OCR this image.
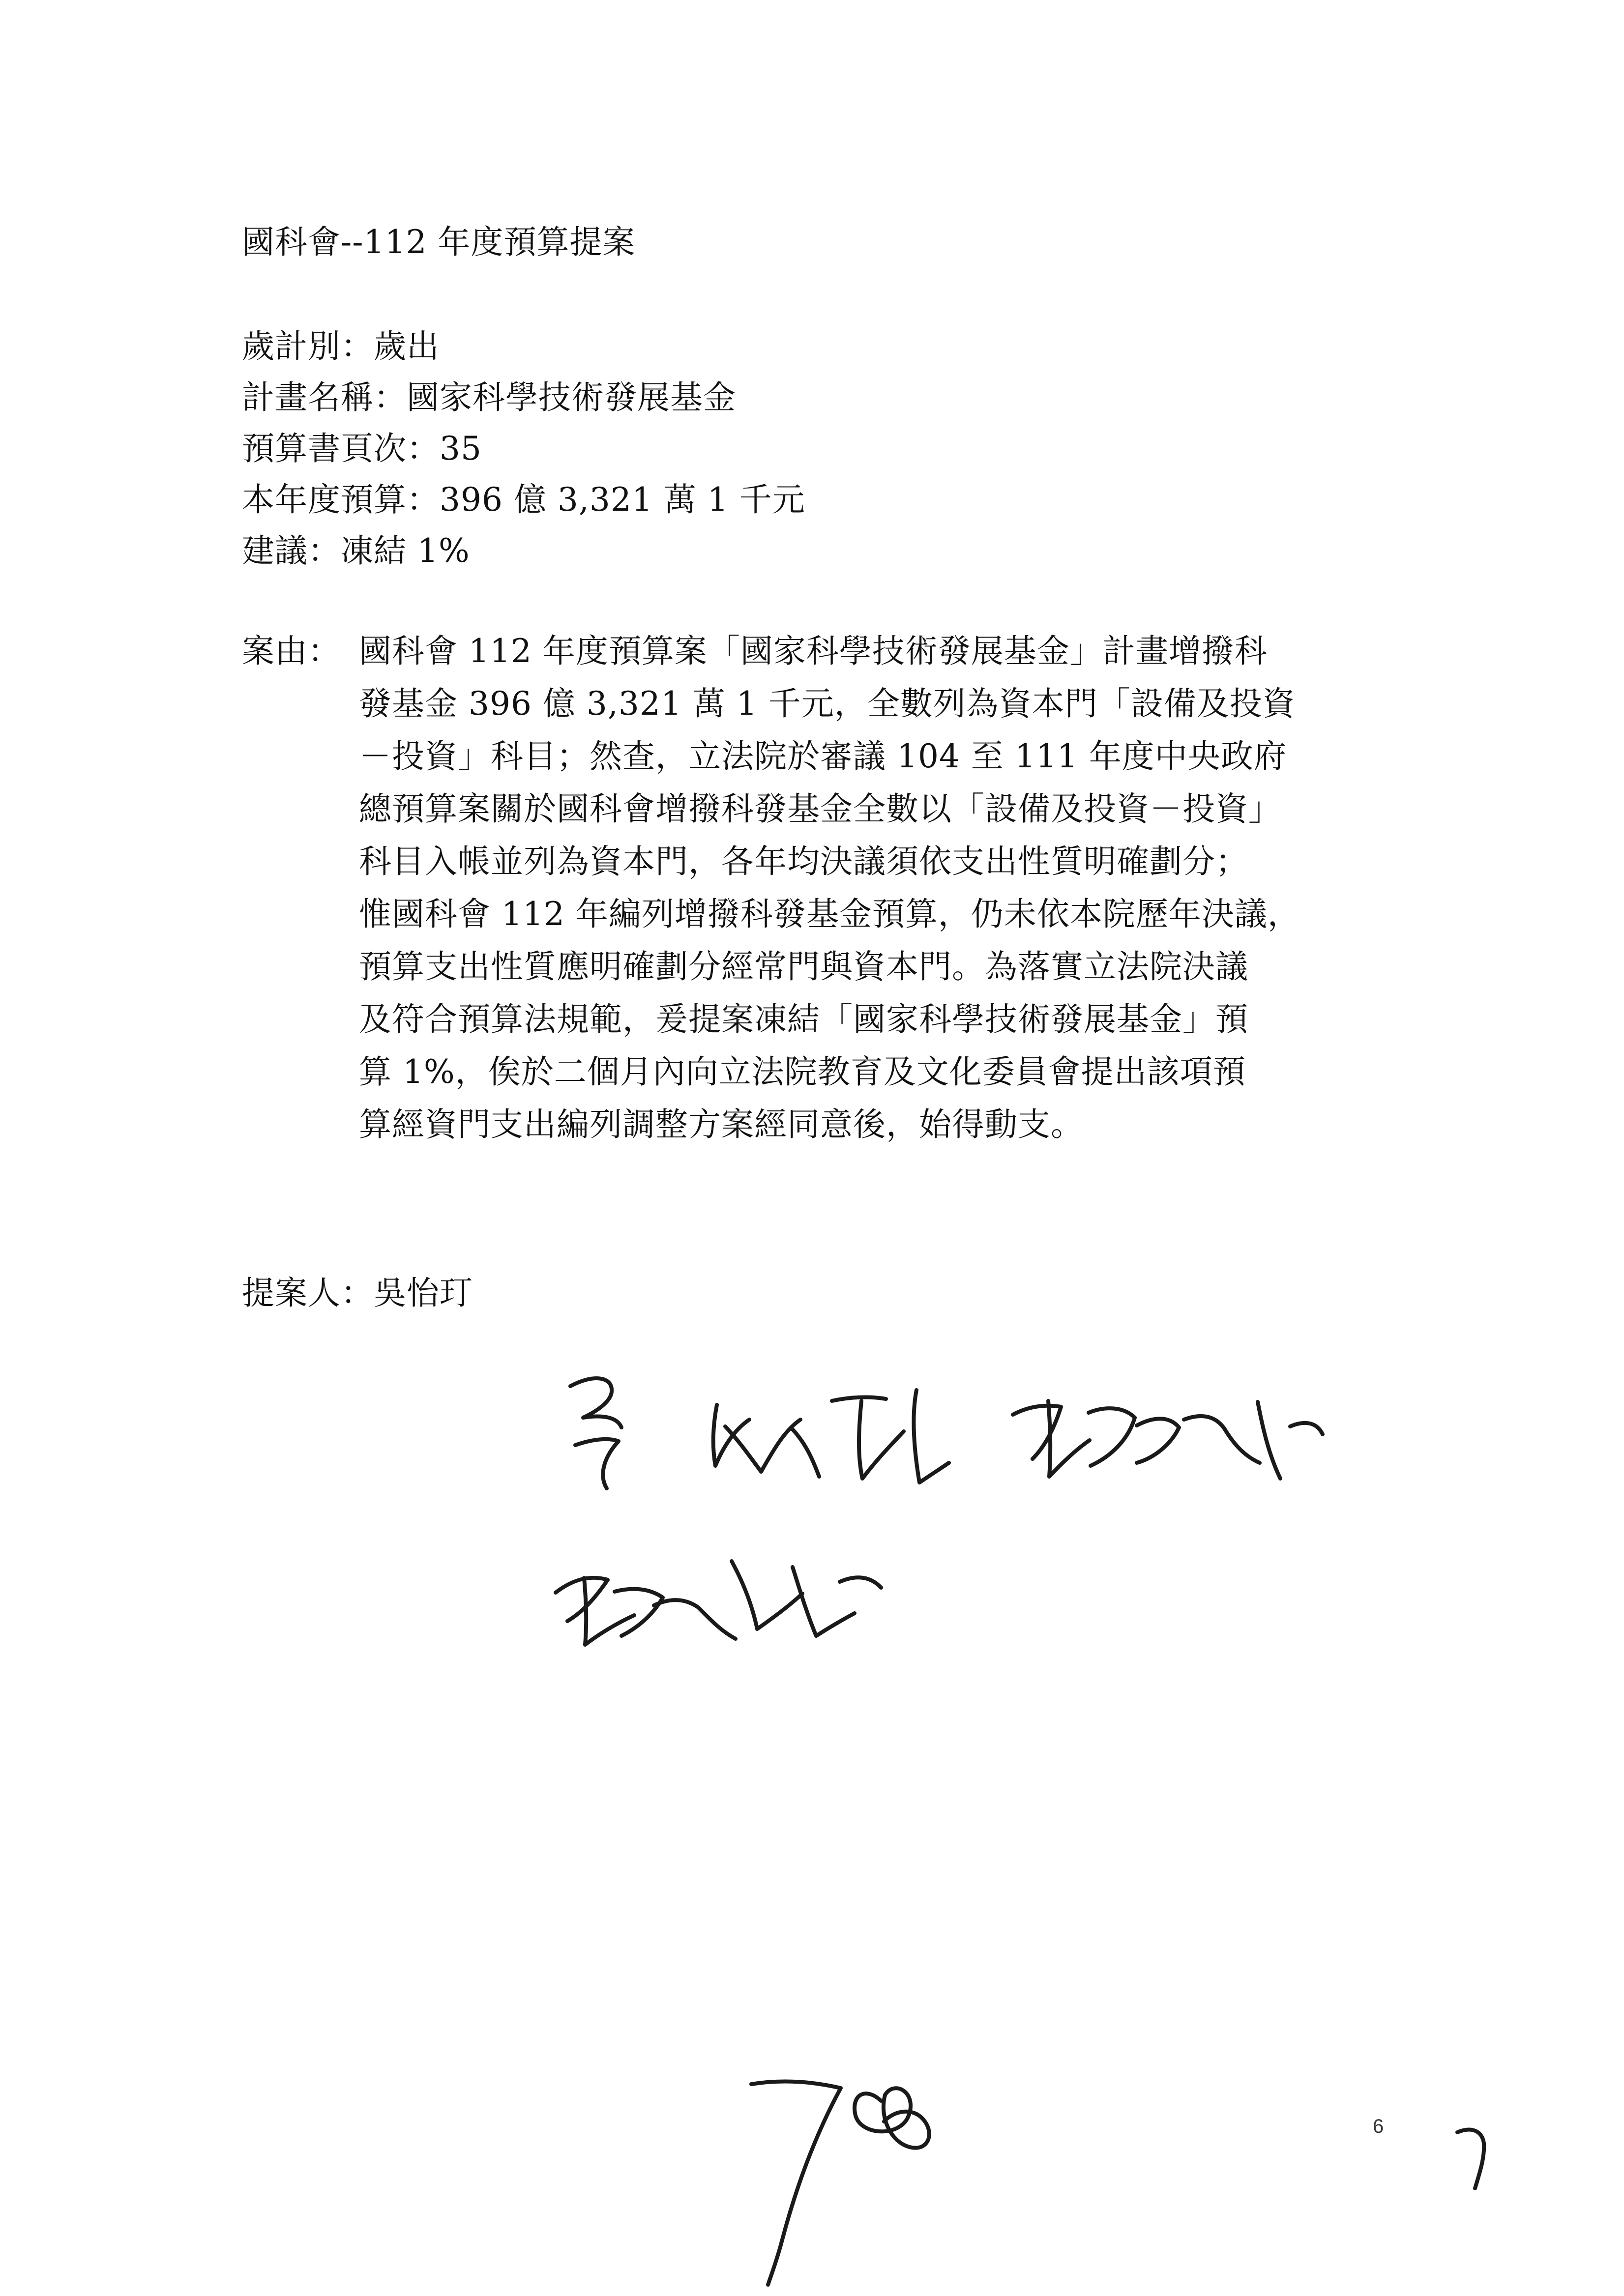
國科會--112 年度預算提案
歲計別：歲出
計畫名稱：國家科學技術發展基金
預算書頁次：35
本年度預算：396 億 3,321 萬 1 千元
建議：凍結 1%
案由： 國科會 112 年度預算案「國家科學技術發展基金」計畫增撥科
發基金 396 億 3,321 萬 1 千元，全數列為資本門「設備及投資
－投資」科目；然查，立法院於審議 104 至 111 年度中央政府
總預算案關於國科會增撥科發基金全數以「設備及投資－投資」
科目入帳並列為資本門，各年均決議須依支出性質明確劃分；
惟國科會 112 年編列增撥科發基金預算，仍未依本院歷年決議，
預算支出性質應明確劃分經常門與資本門。為落實立法院決議
及符合預算法規範，爰提案凍結「國家科學技術發展基金」預
算 1%，俟於二個月內向立法院教育及文化委員會提出該項預
算經資門支出編列調整方案經同意後，始得動支。
提案人：吳怡玎
6
